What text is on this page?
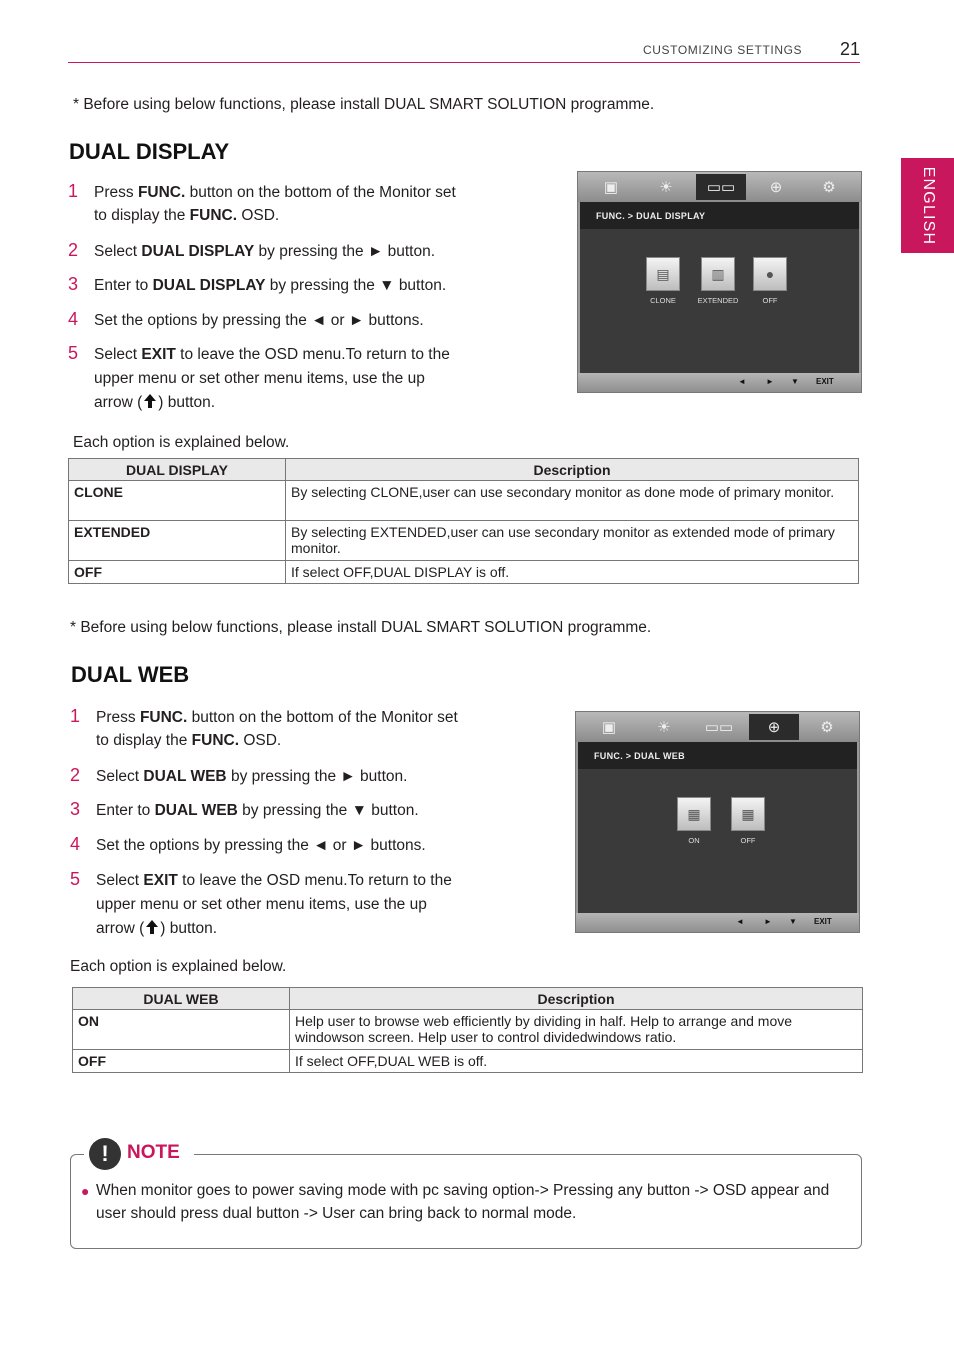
CUSTOMIZING SETTINGS 21
ENGLISH
* Before using below functions, please install DUAL SMART SOLUTION programme.
DUAL DISPLAY
1 Press FUNC. button on the bottom of the Monitor set
to display the FUNC. OSD.
2 Select DUAL DISPLAY by pressing the ► button.
3 Enter to DUAL DISPLAY by pressing the ▼ button.
4 Set the options by pressing the ◄ or ► buttons.
5 Select EXIT to leave the OSD menu.To return to the
upper menu or set other menu items, use the up
arrow ( ) button.
▣	☀	▭▭	⊕	⚙
FUNC. > DUAL DISPLAY
▤
CLONE
▥
EXTENDED
●
OFF
◄	► ▼ EXIT
Each option is explained below.
DUAL DISPLAY	Description
CLONE	By selecting CLONE,user can use secondary monitor as done mode of primary monitor.
EXTENDED	By selecting EXTENDED,user can use secondary monitor as extended mode of primary monitor.
OFF	If select OFF,DUAL DISPLAY is off.
* Before using below functions, please install DUAL SMART SOLUTION programme.
DUAL WEB
1 Press FUNC. button on the bottom of the Monitor set
to display the FUNC. OSD.
2 Select DUAL WEB by pressing the ► button.
3 Enter to DUAL WEB by pressing the ▼ button.
4 Set the options by pressing the ◄ or ► buttons.
5 Select EXIT to leave the OSD menu.To return to the
upper menu or set other menu items, use the up
arrow ( ) button.
▣	☀	▭▭	⊕	⚙
FUNC. > DUAL WEB
▦
ON
▦
OFF
◄	► ▼ EXIT
Each option is explained below.
DUAL WEB	Description
ON	Help user to browse web efficiently by dividing in half. Help to arrange and move windowson screen. Help user to control dividedwindows ratio.
OFF	If select OFF,DUAL WEB is off.
! NOTE
● When monitor goes to power saving mode with pc saving option-> Pressing any button -> OSD appear and user should press dual button -> User can bring back to normal mode.
